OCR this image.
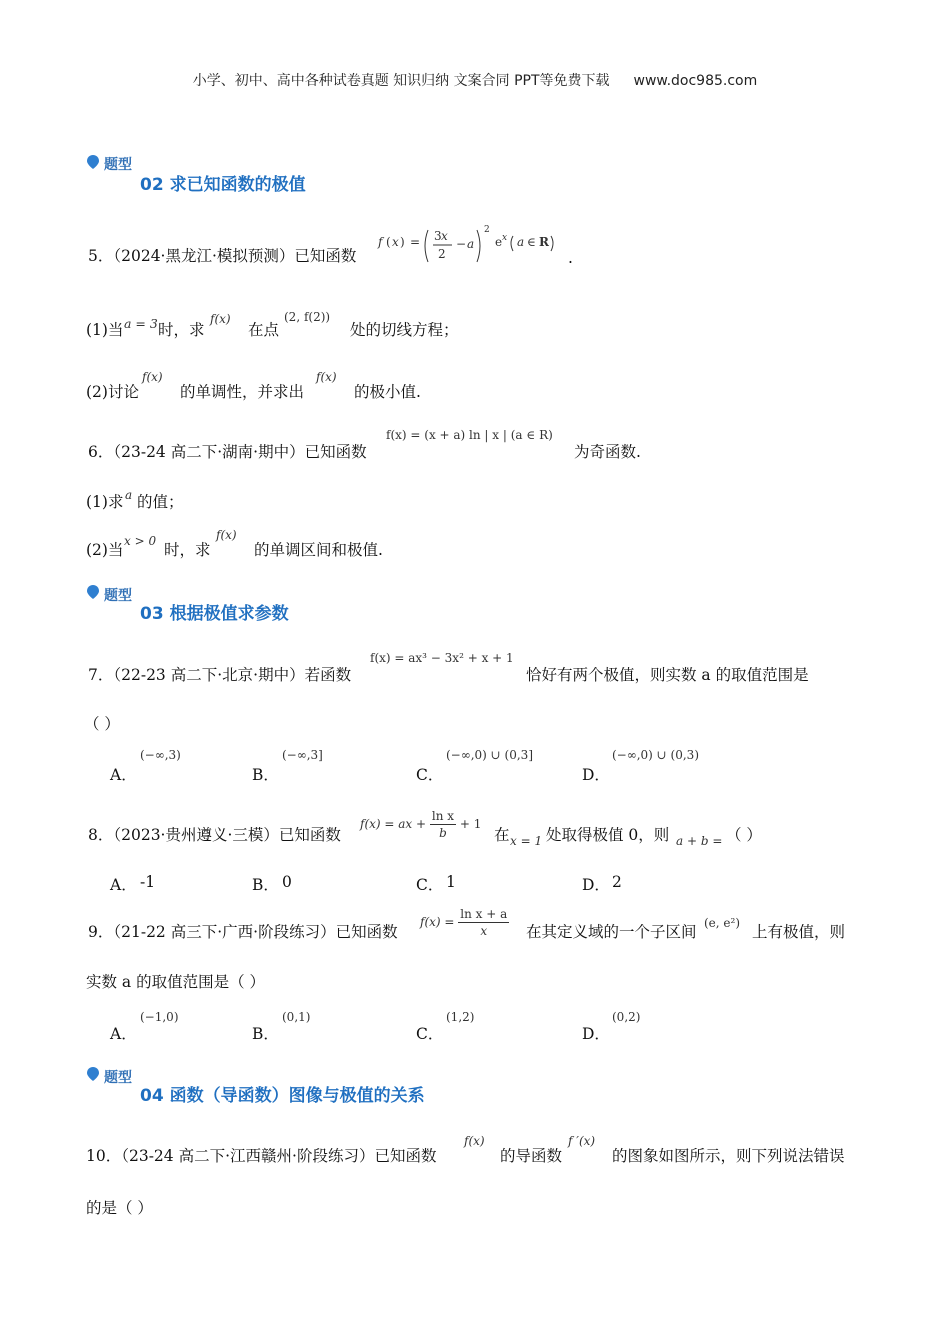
小学、初中、高中各种试卷真题 知识归纳 文案合同 PPT等免费下载 www.doc985.com
题型
02 求已知函数的极值
5．（2024·黑龙江·模拟预测）已知函数
f ( x ) = 3 x
2
− a
2
e x a ∈ R
.
(1)当 a = 3 时，求
f(x)
在点
(2, f(2))
处的切线方程；
(2)讨论
f(x)
的单调性，并求出
f(x)
的极小值.
6．（23-24 高二下·湖南·期中）已知函数
f(x) = (x + a) ln | x | (a ∈ R)
为奇函数.
(1)求 a 的值；
(2)当 x > 0 时，求
f(x)
的单调区间和极值.
题型
03 根据极值求参数
7．（22-23 高二下·北京·期中）若函数
f(x) = ax³ − 3x² + x + 1
恰好有两个极值，则实数 a 的取值范围是
（ ）
A．
(−∞,3)
B．
(−∞,3]
C．
(−∞,0) ∪ (0,3]
D．
(−∞,0) ∪ (0,3)
8．（2023·贵州遵义·三模）已知函数
f(x) = ax + $\frac{\text{ln x}}{b} + 1$
在 x = 1 处取得极值 0，则 a + b = （ ）
A． -1	B． 0	C． 1	D． 2
9．（21-22 高三下·广西·阶段练习）已知函数
$f(x) = \frac{\text{ln x + a}}{x}$ 在其定义域的一个子区间 (e, e²) 上有极值，则
实数 a 的取值范围是（ ）
A．
(−1,0)
B．
(0,1)
C．
(1,2)
D．
(0,2)
题型
04 函数（导函数）图像与极值的关系
10．（23-24 高二下·江西赣州·阶段练习）已知函数
f(x)
的导函数
f ′(x)
的图象如图所示，则下列说法错误
的是（ ）
